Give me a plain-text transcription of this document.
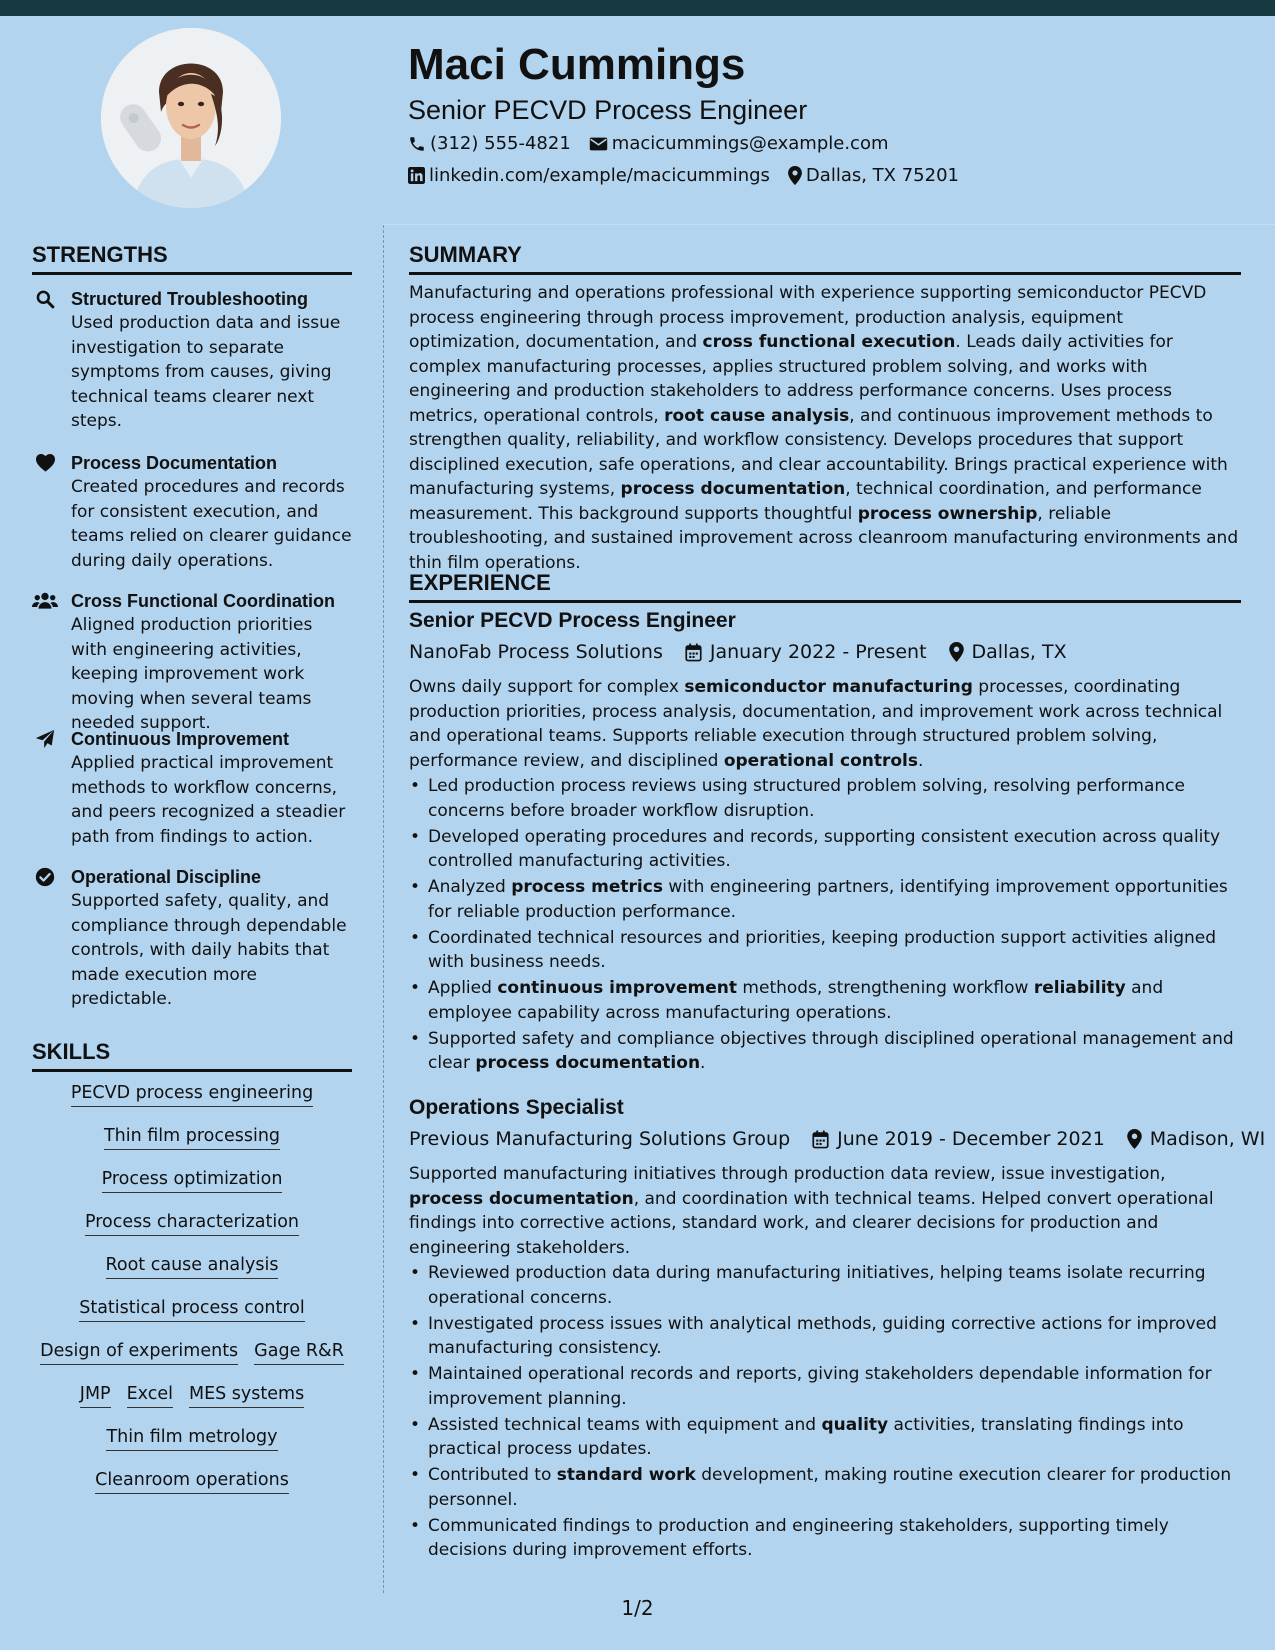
Maci Cummings
Senior PECVD Process Engineer
(312) 555-4821 macicummings@example.com
linkedin.com/example/macicummings Dallas, TX 75201
STRENGTHS
Structured Troubleshooting
Used production data and issue investigation to separate symptoms from causes, giving technical teams clearer next steps.
Process Documentation
Created procedures and records for consistent execution, and teams relied on clearer guidance during daily operations.
Cross Functional Coordination
Aligned production priorities with engineering activities, keeping improvement work moving when several teams needed support.
Continuous Improvement
Applied practical improvement methods to workflow concerns, and peers recognized a steadier path from findings to action.
Operational Discipline
Supported safety, quality, and compliance through dependable controls, with daily habits that made execution more predictable.
SKILLS
PECVD process engineering
Thin film processing
Process optimization
Process characterization
Root cause analysis
Statistical process control
Design of experiments Gage R&R
JMP Excel MES systems
Thin film metrology
Cleanroom operations
SUMMARY

Manufacturing and operations professional with experience supporting semiconductor PECVD process engineering through process improvement, production analysis, equipment optimization, documentation, and cross functional execution. Leads daily activities for complex manufacturing processes, applies structured problem solving, and works with engineering and production stakeholders to address performance concerns. Uses process metrics, operational controls, root cause analysis, and continuous improvement methods to strengthen quality, reliability, and workflow consistency. Develops procedures that support disciplined execution, safe operations, and clear accountability. Brings practical experience with manufacturing systems, process documentation, technical coordination, and performance measurement. This background supports thoughtful process ownership, reliable troubleshooting, and sustained improvement across cleanroom manufacturing environments and thin film operations.

EXPERIENCE
Senior PECVD Process Engineer
NanoFab Process Solutions January 2022 - Present Dallas, TX

Owns daily support for complex semiconductor manufacturing processes, coordinating production priorities, process analysis, documentation, and improvement work across technical and operational teams. Supports reliable execution through structured problem solving, performance review, and disciplined operational controls.

• Led production process reviews using structured problem solving, resolving performance concerns before broader workflow disruption.
• Developed operating procedures and records, supporting consistent execution across quality controlled manufacturing activities.
• Analyzed process metrics with engineering partners, identifying improvement opportunities for reliable production performance.
• Coordinated technical resources and priorities, keeping production support activities aligned with business needs.
• Applied continuous improvement methods, strengthening workflow reliability and employee capability across manufacturing operations.
• Supported safety and compliance objectives through disciplined operational management and clear process documentation.
Operations Specialist
Previous Manufacturing Solutions Group June 2019 - December 2021 Madison, WI

Supported manufacturing initiatives through production data review, issue investigation, process documentation, and coordination with technical teams. Helped convert operational findings into corrective actions, standard work, and clearer decisions for production and engineering stakeholders.

• Reviewed production data during manufacturing initiatives, helping teams isolate recurring operational concerns.
• Investigated process issues with analytical methods, guiding corrective actions for improved manufacturing consistency.
• Maintained operational records and reports, giving stakeholders dependable information for improvement planning.
• Assisted technical teams with equipment and quality activities, translating findings into practical process updates.
• Contributed to standard work development, making routine execution clearer for production personnel.
• Communicated findings to production and engineering stakeholders, supporting timely decisions during improvement efforts.
1/2
